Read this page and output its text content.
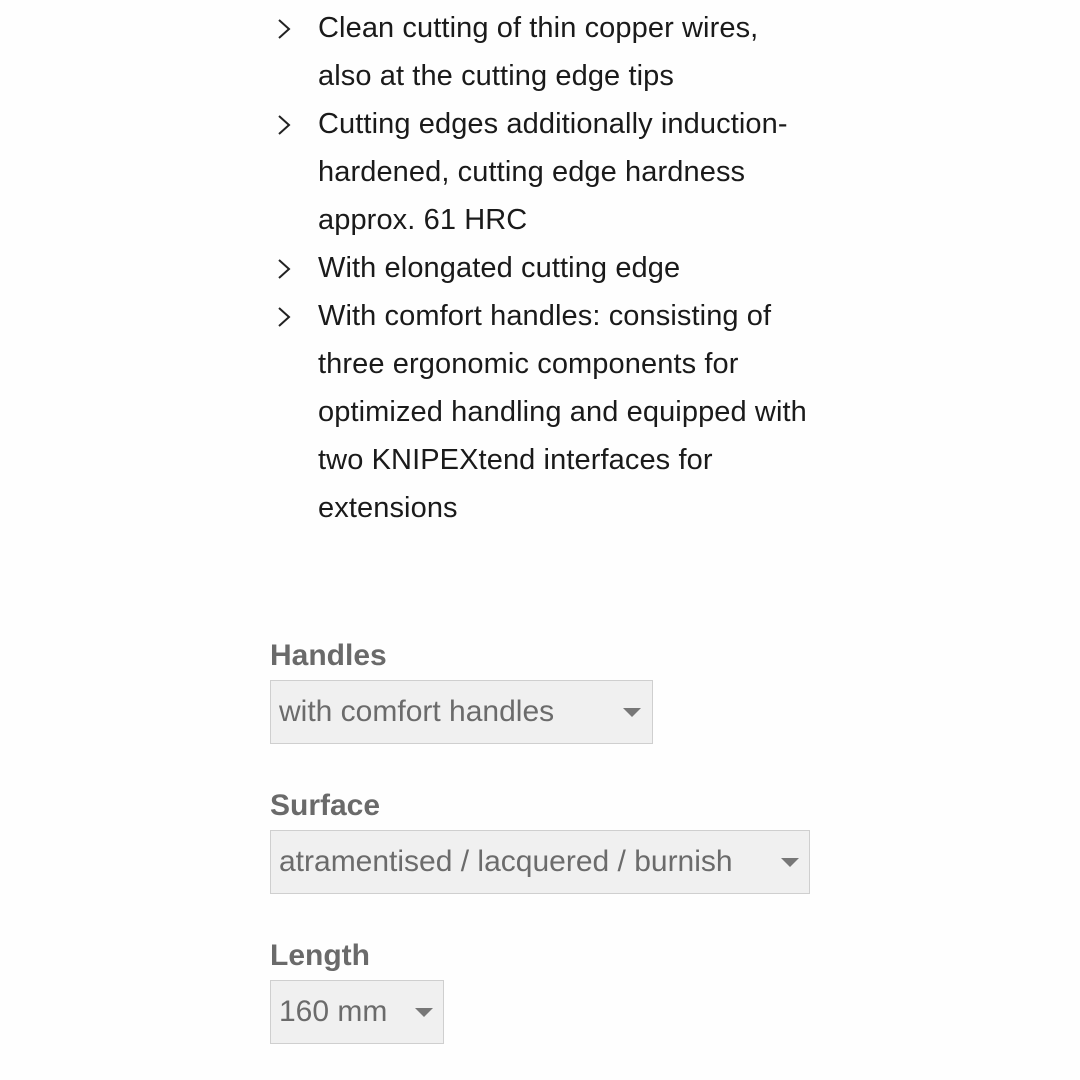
Clean cutting of thin copper wires,
also at the cutting edge tips
Cutting edges additionally induction-
hardened, cutting edge hardness
approx. 61 HRC
With elongated cutting edge
With comfort handles: consisting of
three ergonomic components for
optimized handling and equipped with
two KNIPEXtend interfaces for
extensions
Handles
with comfort handles
Surface
atramentised / lacquered / burnish
Length
160 mm
